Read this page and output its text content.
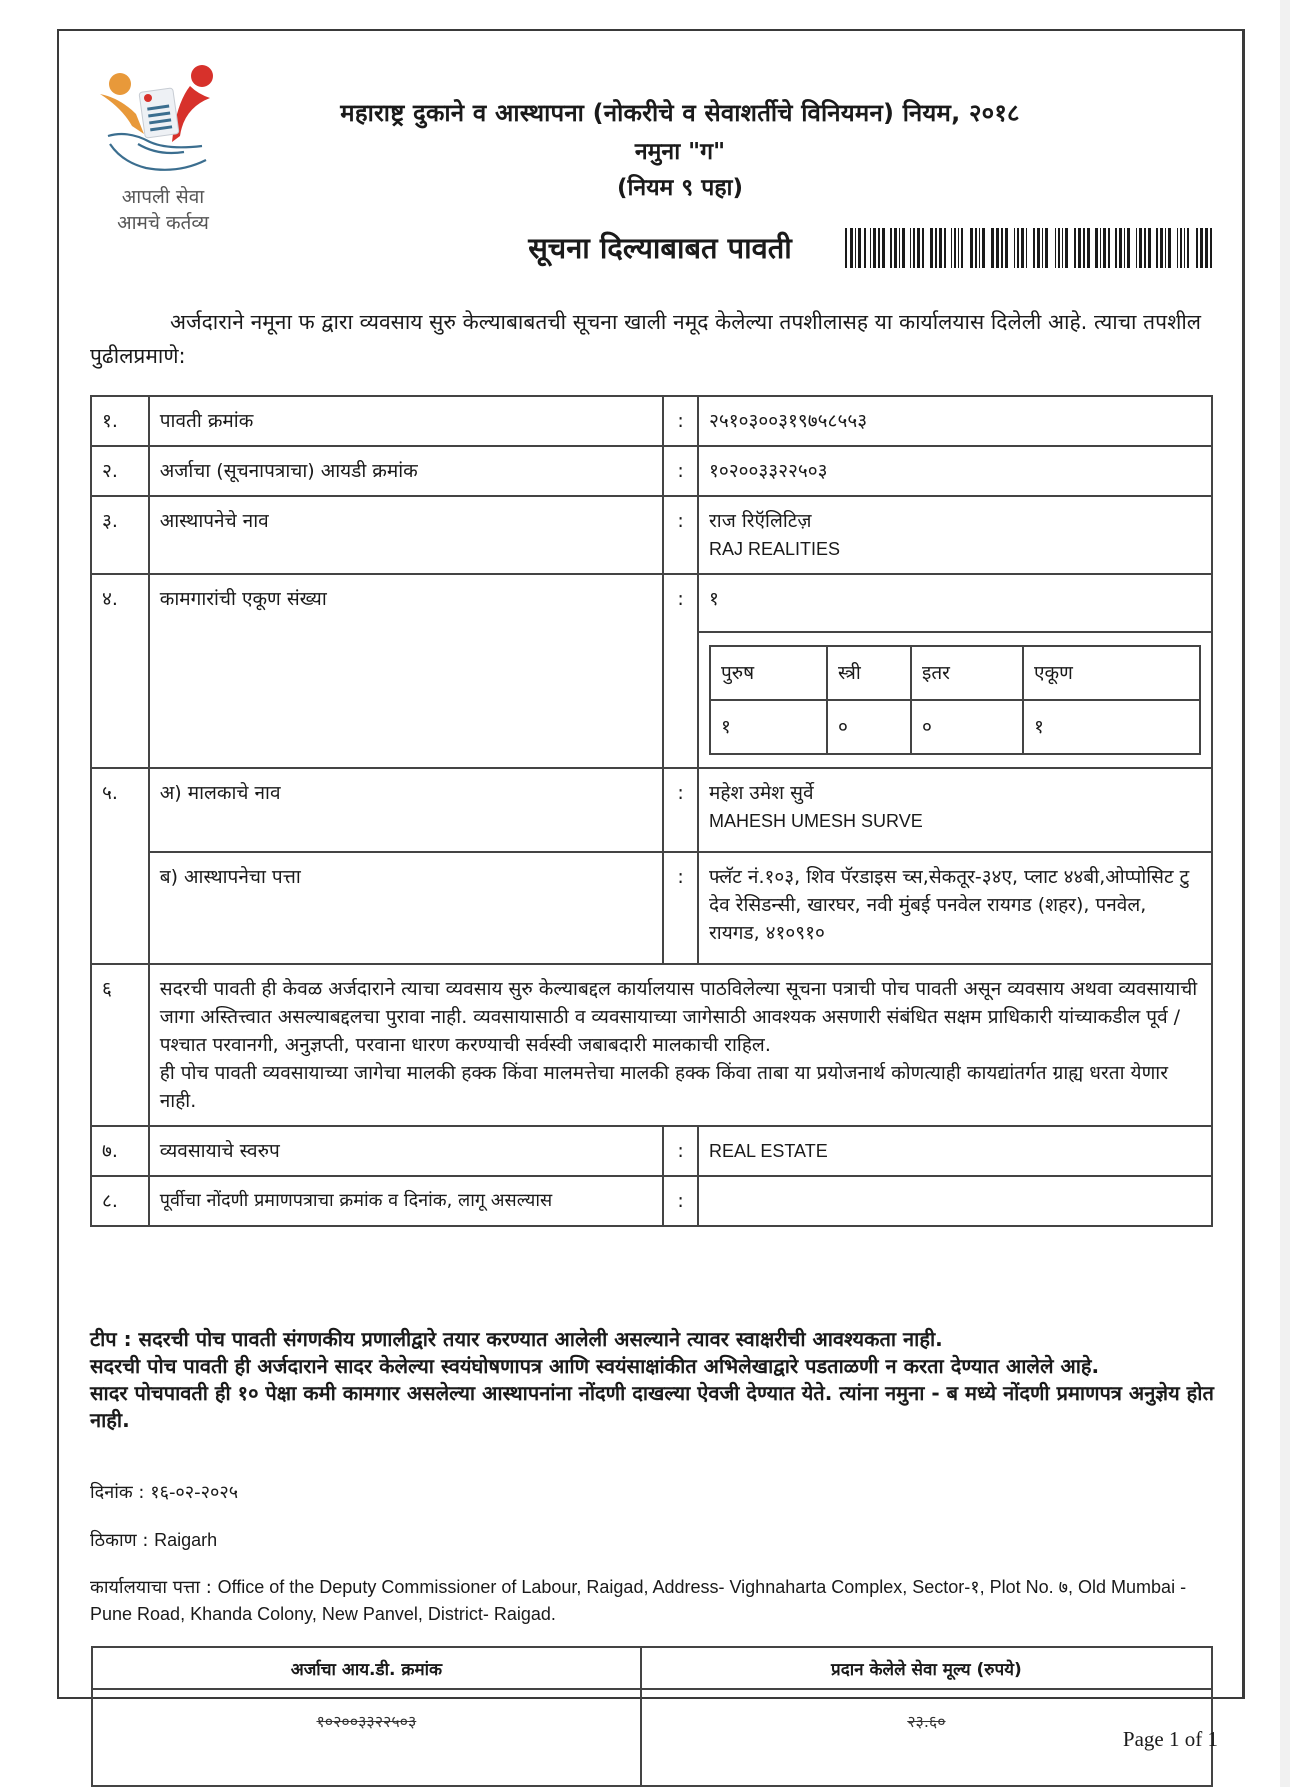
आपली सेवा
आमचे कर्तव्य
महाराष्ट्र दुकाने व आस्थापना (नोकरीचे व सेवाशर्तीचे विनियमन) नियम, २०१८
नमुना "ग"
(नियम ९ पहा)
सूचना दिल्याबाबत पावती
अर्जदाराने नमूना फ द्वारा व्यवसाय सुरु केल्याबाबतची सूचना खाली नमूद केलेल्या तपशीलासह या कार्यालयास दिलेली आहे. त्याचा तपशील पुढीलप्रमाणे:
१.	पावती क्रमांक	:	२५१०३००३१९७५८५५३
२.	अर्जाचा (सूचनापत्राचा) आयडी क्रमांक	:	१०२००३३२२५०३
३.	आस्थापनेचे नाव	:	राज रिऍलिटिज़
RAJ REALITIES

४.	कामगारांची एकूण संख्या	:	१
पुरुष	स्त्री	इतर	एकूण
१	०	०	१

५.	अ) मालकाचे नाव	:	महेश उमेश सुर्वे
MAHESH UMESH SURVE

ब) आस्थापनेचा पत्ता	:	फ्लॅट नं.१०३, शिव पॅरडाइस च्स,सेकतूर-३४ए, प्लाट ४४बी,ओप्पोसिट टु देव रेसिडन्सी, खारघर, नवी मुंबई पनवेल रायगड (शहर), पनवेल, रायगड, ४१०९१०
६	सदरची पावती ही केवळ अर्जदाराने त्याचा व्यवसाय सुरु केल्याबद्दल कार्यालयास पाठविलेल्या सूचना पत्राची पोच पावती असून व्यवसाय अथवा व्यवसायाची जागा अस्तित्त्वात असल्याबद्दलचा पुरावा नाही. व्यवसायासाठी व व्यवसायाच्या जागेसाठी आवश्यक असणारी संबंधित सक्षम प्राधिकारी यांच्याकडील पूर्व / पश्चात परवानगी, अनुज्ञप्ती, परवाना धारण करण्याची सर्वस्वी जबाबदारी मालकाची राहिल.
ही पोच पावती व्यवसायाच्या जागेचा मालकी हक्क किंवा मालमत्तेचा मालकी हक्क किंवा ताबा या प्रयोजनार्थ कोणत्याही कायद्यांतर्गत ग्राह्य धरता येणार नाही.

७.	व्यवसायाचे स्वरुप	:	REAL ESTATE
८.	पूर्वीचा नोंदणी प्रमाणपत्राचा क्रमांक व दिनांक, लागू असल्यास	:	
टीप : सदरची पोच पावती संगणकीय प्रणालीद्वारे तयार करण्यात आलेली असल्याने त्यावर स्वाक्षरीची आवश्यकता नाही.
सदरची पोच पावती ही अर्जदाराने सादर केलेल्या स्वयंघोषणापत्र आणि स्वयंसाक्षांकीत अभिलेखाद्वारे पडताळणी न करता देण्यात आलेले आहे.
सादर पोचपावती ही १० पेक्षा कमी कामगार असलेल्या आस्थापनांना नोंदणी दाखल्या ऐवजी देण्यात येते. त्यांना नमुना - ब मध्ये नोंदणी प्रमाणपत्र अनुज्ञेय होत नाही.
दिनांक : १६-०२-२०२५
ठिकाण : Raigarh
कार्यालयाचा पत्ता : Office of the Deputy Commissioner of Labour, Raigad, Address- Vighnaharta Complex, Sector-१, Plot No. ७, Old Mumbai - Pune Road, Khanda Colony, New Panvel, District- Raigad.
अर्जाचा आय.डी. क्रमांक	प्रदान केलेले सेवा मूल्य (रुपये)
१०२००३३२२५०३	२३.६०
Page 1 of 1
